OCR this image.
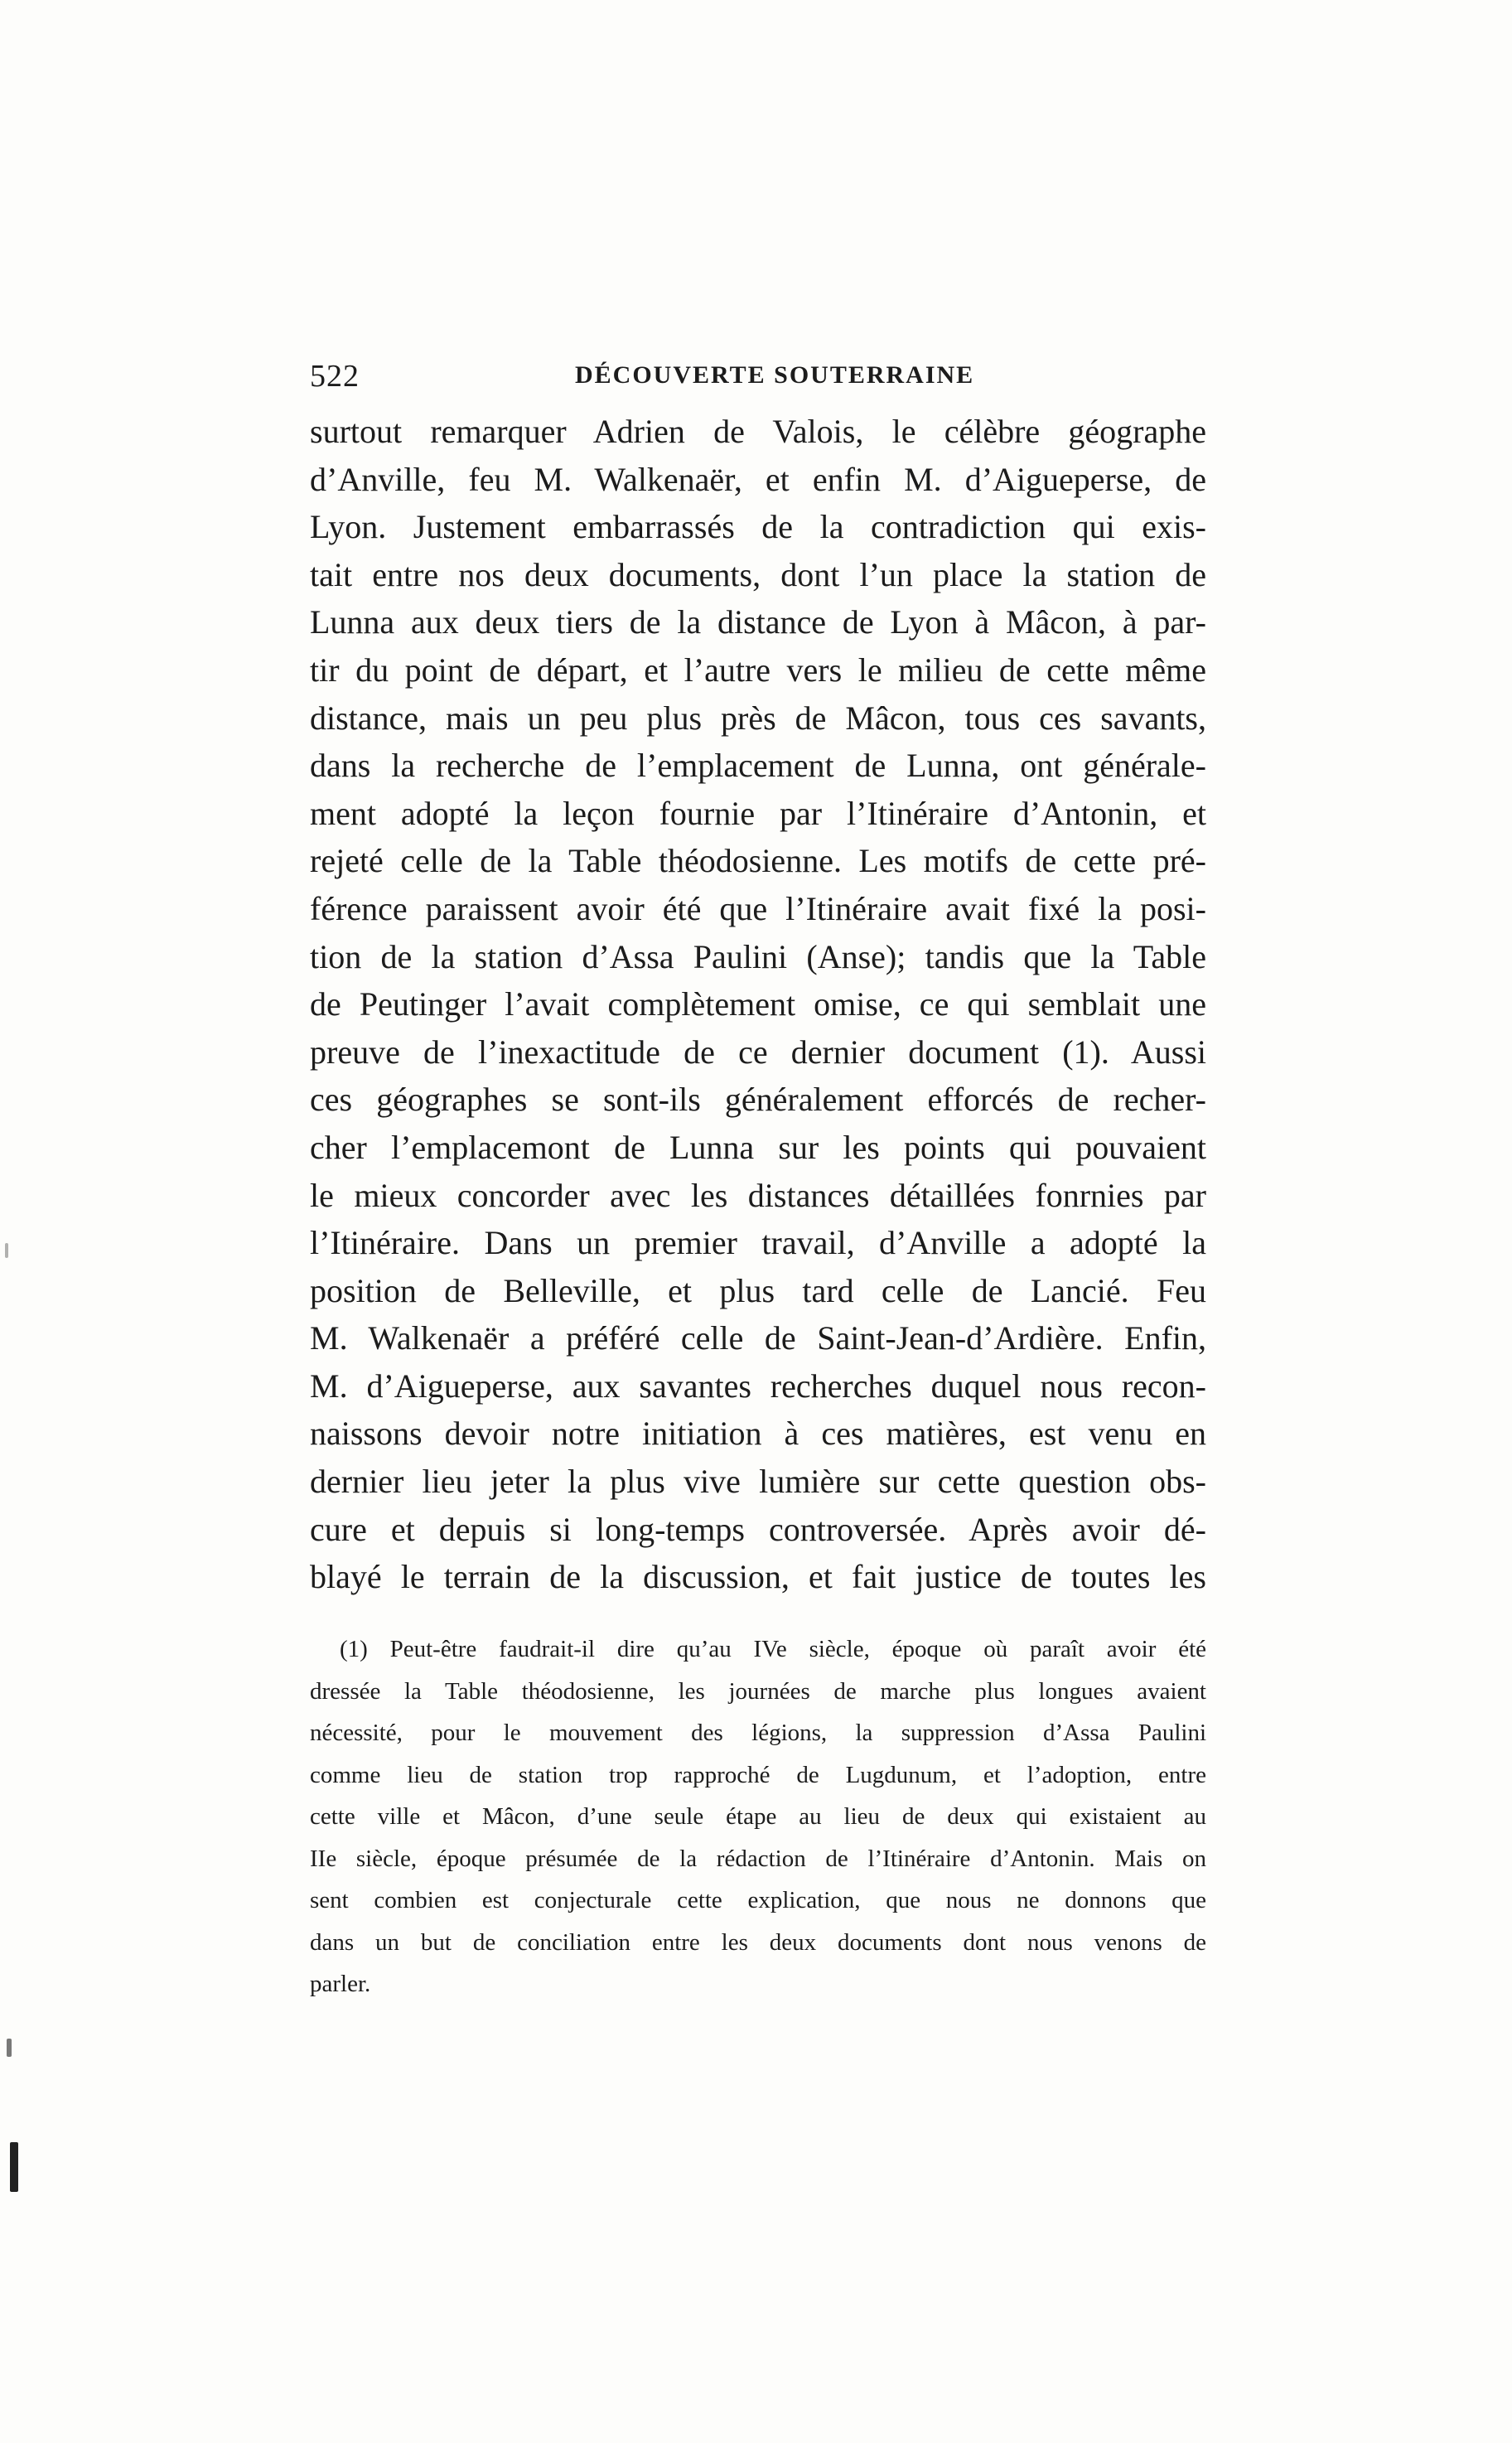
522	DÉCOUVERTE SOUTERRAINE
surtout remarquer Adrien de Valois, le célèbre géographe
d’Anville, feu M. Walkenaër, et enfin M. d’Aigueperse, de
Lyon. Justement embarrassés de la contradiction qui exis-
tait entre nos deux documents, dont l’un place la station de
Lunna aux deux tiers de la distance de Lyon à Mâcon, à par-
tir du point de départ, et l’autre vers le milieu de cette même
distance, mais un peu plus près de Mâcon, tous ces savants,
dans la recherche de l’emplacement de Lunna, ont générale-
ment adopté la leçon fournie par l’Itinéraire d’Antonin, et
rejeté celle de la Table théodosienne. Les motifs de cette pré-
férence paraissent avoir été que l’Itinéraire avait fixé la posi-
tion de la station d’Assa Paulini (Anse); tandis que la Table
de Peutinger l’avait complètement omise, ce qui semblait une
preuve de l’inexactitude de ce dernier document (1). Aussi
ces géographes se sont-ils généralement efforcés de recher-
cher l’emplacemont de Lunna sur les points qui pouvaient
le mieux concorder avec les distances détaillées fonrnies par
l’Itinéraire. Dans un premier travail, d’Anville a adopté la
position de Belleville, et plus tard celle de Lancié. Feu
M. Walkenaër a préféré celle de Saint-Jean-d’Ardière. Enfin,
M. d’Aigueperse, aux savantes recherches duquel nous recon-
naissons devoir notre initiation à ces matières, est venu en
dernier lieu jeter la plus vive lumière sur cette question obs-
cure et depuis si long-temps controversée. Après avoir dé-
blayé le terrain de la discussion, et fait justice de toutes les
(1) Peut-être faudrait-il dire qu’au IVe siècle, époque où paraît avoir été
dressée la Table théodosienne, les journées de marche plus longues avaient
nécessité, pour le mouvement des légions, la suppression d’Assa Paulini
comme lieu de station trop rapproché de Lugdunum, et l’adoption, entre
cette ville et Mâcon, d’une seule étape au lieu de deux qui existaient au
IIe siècle, époque présumée de la rédaction de l’Itinéraire d’Antonin. Mais on
sent combien est conjecturale cette explication, que nous ne donnons que
dans un but de conciliation entre les deux documents dont nous venons de
parler.
